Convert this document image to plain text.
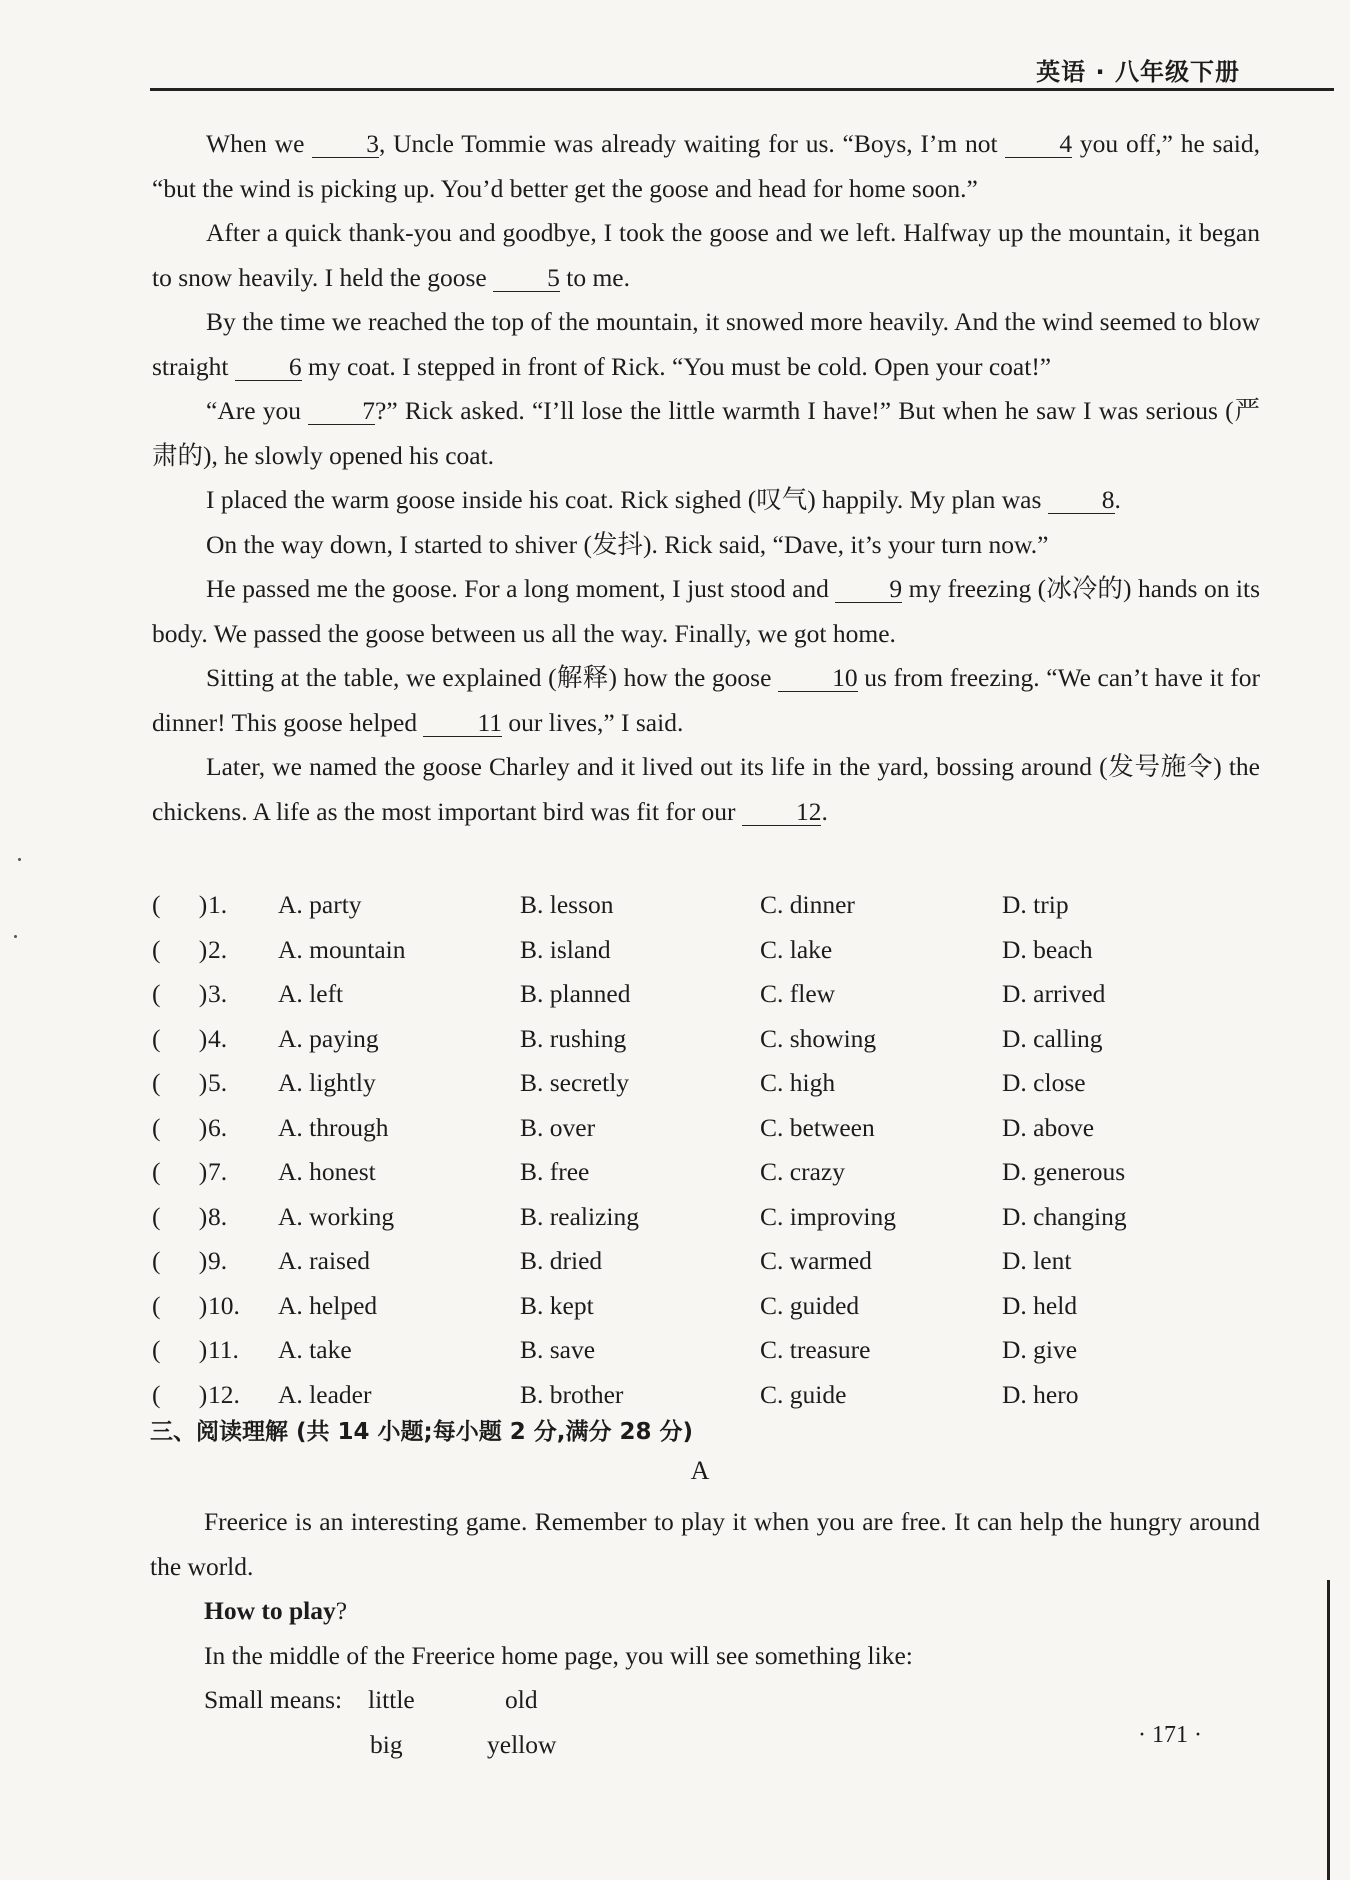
英语 · 八年级下册

When we 3, Uncle Tommie was already waiting for us. “Boys, I’m not 4 you off,” he said, “but the wind is picking up. You’d better get the goose and head for home soon.”

After a quick thank-you and goodbye, I took the goose and we left. Halfway up the mountain, it began to snow heavily. I held the goose 5 to me.

By the time we reached the top of the mountain, it snowed more heavily. And the wind seemed to blow straight 6 my coat. I stepped in front of Rick. “You must be cold. Open your coat!”

“Are you 7?” Rick asked. “I’ll lose the little warmth I have!” But when he saw I was serious (严肃的), he slowly opened his coat.

I placed the warm goose inside his coat. Rick sighed (叹气) happily. My plan was 8.

On the way down, I started to shiver (发抖). Rick said, “Dave, it’s your turn now.”

He passed me the goose. For a long moment, I just stood and 9 my freezing (冰冷的) hands on its body. We passed the goose between us all the way. Finally, we got home.

Sitting at the table, we explained (解释) how the goose 10 us from freezing. “We can’t have it for dinner! This goose helped 11 our lives,” I said.

Later, we named the goose Charley and it lived out its life in the yard, bossing around (发号施令) the chickens. A life as the most important bird was fit for our 12.

(      ) 1. A. party	B. lesson	C. dinner	D. trip
(      ) 2. A. mountain	B. island	C. lake	D. beach
(      ) 3. A. left	B. planned	C. flew	D. arrived
(      ) 4. A. paying	B. rushing	C. showing	D. calling
(      ) 5. A. lightly	B. secretly	C. high	D. close
(      ) 6. A. through	B. over	C. between	D. above
(      ) 7. A. honest	B. free	C. crazy	D. generous
(      ) 8. A. working	B. realizing	C. improving	D. changing
(      ) 9. A. raised	B. dried	C. warmed	D. lent
(      ) 10. A. helped	B. kept	C. guided	D. held
(      ) 11. A. take	B. save	C. treasure	D. give
(      ) 12. A. leader	B. brother	C. guide	D. hero
三、阅读理解 (共 14 小题;每小题 2 分,满分 28 分)
A

Freerice is an interesting game. Remember to play it when you are free. It can help the hungry around the world.

How to play?

In the middle of the Freerice home page, you will see something like:

Small means: little	old
big	yellow	· 171 ·
